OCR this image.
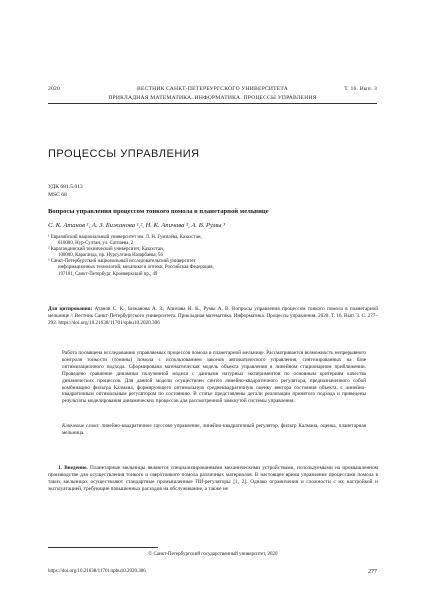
2020	ВЕСТНИК САНКТ-ПЕТЕРБУРГСКОГО УНИВЕРСИТЕТА	Т. 16. Вып. 3
ПРИКЛАДНАЯ МАТЕМАТИКА. ИНФОРМАТИКА. ПРОЦЕССЫ УПРАВЛЕНИЯ
ПРОЦЕССЫ УПРАВЛЕНИЯ
УДК 681.5.013
MSC 68
Вопросы управления процессом тонкого помола в планетарной мельнице
С. К. Атанов ¹, А. З. Бижанова ¹,², Н. К. Апичава ², А. В. Румы ³
¹ Евразийский национальный университет им. Л. Н. Гумилёва, Казахстан,
010000, Нур-Султан, ул. Сатпаева, 2
² Карагандинский технический университет, Казахстан,
100000, Караганда, пр. Нурсултана Назарбаева, 56
³ Санкт-Петербургский национальный исследовательский университет
информационных технологий, механики и оптики, Российская Федерация,
197101, Санкт-Петербург, Кронверкский пр., 49
Для цитирования: Атанов С. К., Бижанова А. З., Апичава Н. К., Румы А. В. Вопросы управления процессом тонкого помола в планетарной мельнице // Вестник Санкт-Петербургского университета. Прикладная математика. Информатика. Процессы управления. 2020. Т. 16. Вып. 3. С. 277–292. https://doi.org/10.21638/11701/spbu10.2020.306
Работа посвящена исследованию управляемых процессов помола в планетарной мельнице. Рассматривается возможность непрерывного контроля тонкости (тонины) помола с использованием законов автоматического управления, синтезированных на базе оптимизационного подхода. Сформирована математическая модель объекта управления в линейном стационарном приближении. Проведено сравнение динамики полученной модели с данными натурных экспериментов по основным критериям качества динамических процессов. Для данной модели осуществлен синтез линейно-квадратичного регулятора, предназначенного собой комбинацию фильтра Калмана, формирующего оптимальную среднеквадратичную оценку вектора состояния объекта, с линейно-квадратичным оптимальным регулятором по состоянию. В статье представлены детали реализации принятого подхода и приведены результаты моделирования динамических процессов для рассмотренной замкнутой системы управления.
Ключевые слова: линейно-квадратичное гауссово управление, линейно-квадратичный регулятор, фильтр Калмана, оценка, планетарная мельница.
1. Введение. Планетарные мельницы являются специализированными механическими устройствами, используемыми на промышленном производстве для осуществления тонкого и сверхтонкого помола различных материалов. В настоящее время управление процессами помола в таких мельницах осуществляют стандартные промышленные ПИ-регуляторы [1, 2]. Однако ограничения и сложности с их настройкой и эксплуатацией, требующие повышенных расходов на обслуживание, а также не
© Санкт-Петербургский государственный университет, 2020
https://doi.org/10.21638/11701/spbu10.2020.306	277
